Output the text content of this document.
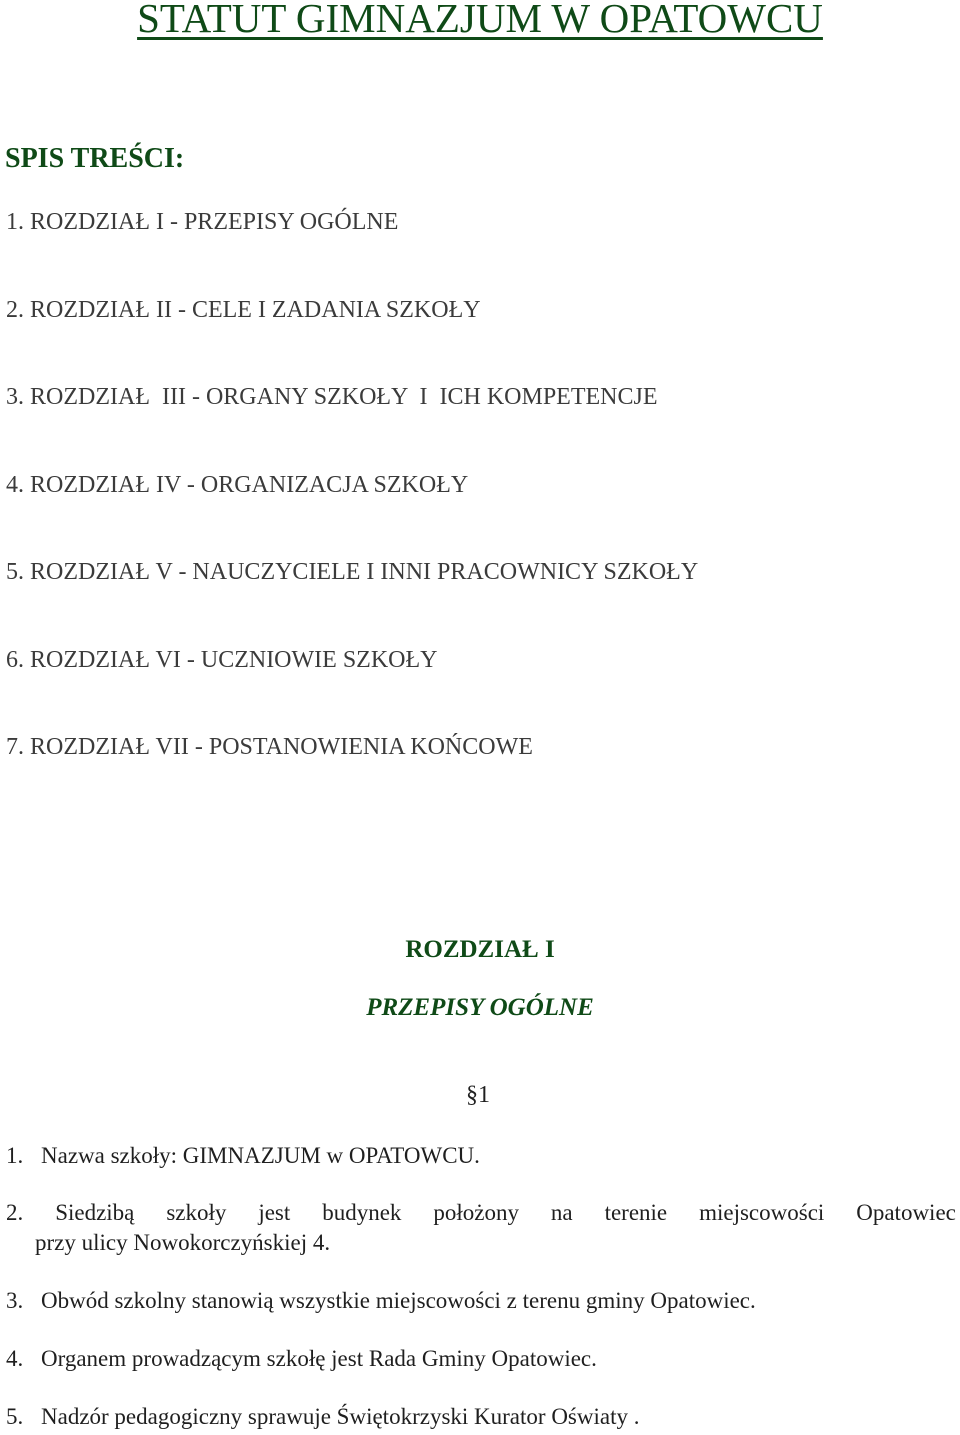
STATUT GIMNAZJUM W OPATOWCU
SPIS TREŚCI:
1. ROZDZIAŁ I - PRZEPISY OGÓLNE
2. ROZDZIAŁ II - CELE I ZADANIA SZKOŁY
3. ROZDZIAŁ  III - ORGANY SZKOŁY  I  ICH KOMPETENCJE
4. ROZDZIAŁ IV - ORGANIZACJA SZKOŁY
5. ROZDZIAŁ V - NAUCZYCIELE I INNI PRACOWNICY SZKOŁY
6. ROZDZIAŁ VI - UCZNIOWIE SZKOŁY
7. ROZDZIAŁ VII - POSTANOWIENIA KOŃCOWE
ROZDZIAŁ I
PRZEPISY OGÓLNE
§1
1. Nazwa szkoły: GIMNAZJUM w OPATOWCU.
2. Siedzibą szkoły jest budynek położony na terenie miejscowości Opatowiec
przy ulicy Nowokorczyńskiej 4.
3. Obwód szkolny stanowią wszystkie miejscowości z terenu gminy Opatowiec.
4. Organem prowadzącym szkołę jest Rada Gminy Opatowiec.
5. Nadzór pedagogiczny sprawuje Świętokrzyski Kurator Oświaty .
